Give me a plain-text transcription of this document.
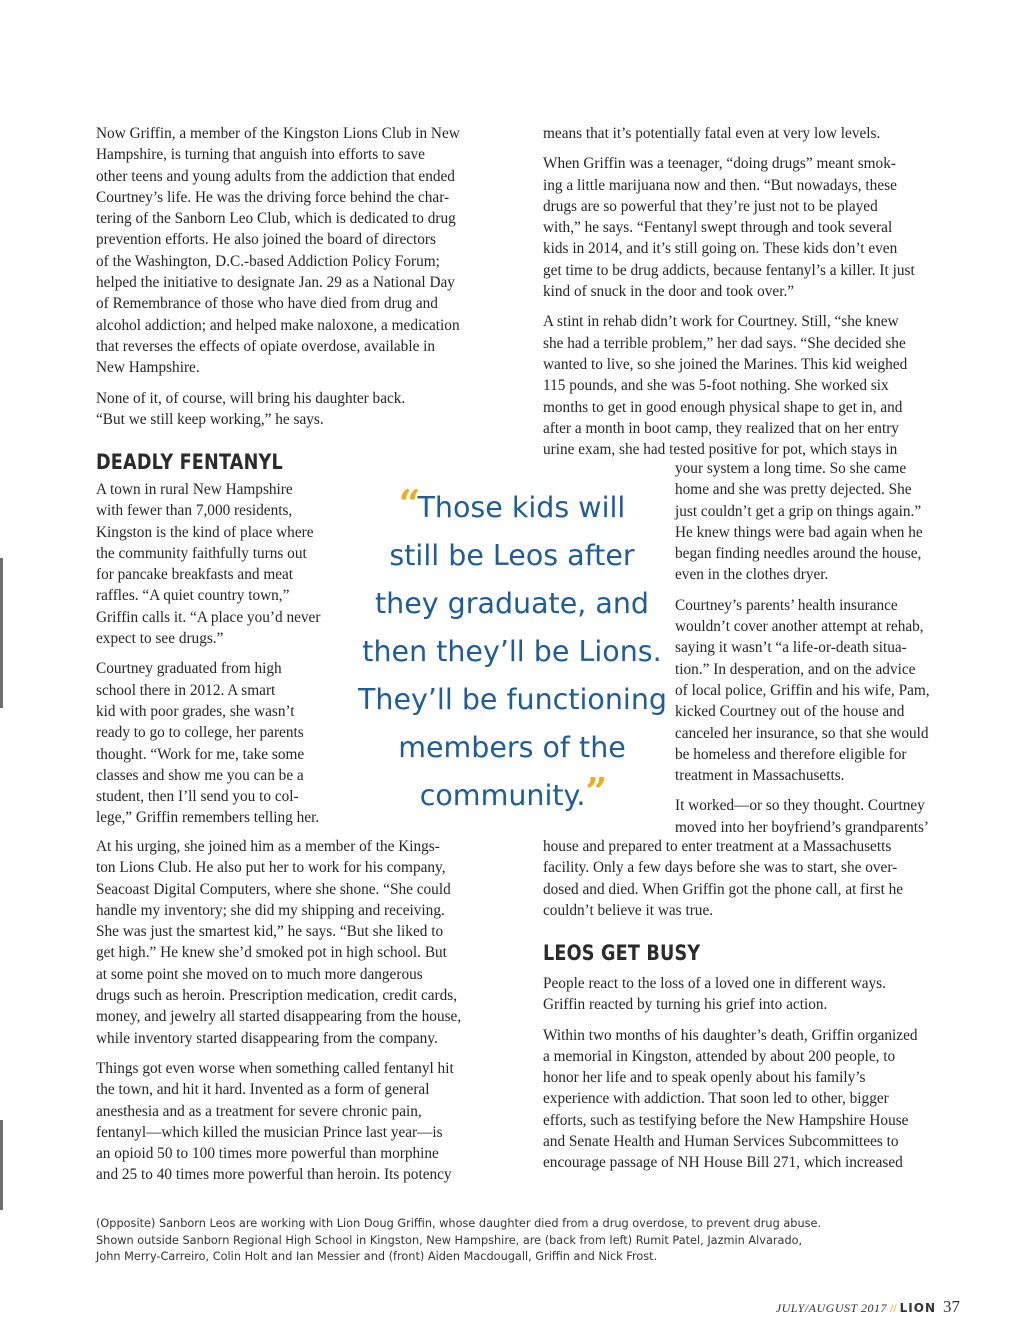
Now Griffin, a member of the Kingston Lions Club in New
Hampshire, is turning that anguish into efforts to save
other teens and young adults from the addiction that ended
Courtney’s life. He was the driving force behind the char-
tering of the Sanborn Leo Club, which is dedicated to drug
prevention efforts. He also joined the board of directors
of the Washington, D.C.-based Addiction Policy Forum;
helped the initiative to designate Jan. 29 as a National Day
of Remembrance of those who have died from drug and
alcohol addiction; and helped make naloxone, a medication
that reverses the effects of opiate overdose, available in
New Hampshire.

None of it, of course, will bring his daughter back.
“But we still keep working,” he says.

DEADLY FENTANYL

A town in rural New Hampshire
with fewer than 7,000 residents,
Kingston is the kind of place where
the community faithfully turns out
for pancake breakfasts and meat
raffles. “A quiet country town,”
Griffin calls it. “A place you’d never
expect to see drugs.”

Courtney graduated from high
school there in 2012. A smart
kid with poor grades, she wasn’t
ready to go to college, her parents
thought. “Work for me, take some
classes and show me you can be a
student, then I’ll send you to col-
lege,” Griffin remembers telling her.

At his urging, she joined him as a member of the Kings-
ton Lions Club. He also put her to work for his company,
Seacoast Digital Computers, where she shone. “She could
handle my inventory; she did my shipping and receiving.
She was just the smartest kid,” he says. “But she liked to
get high.” He knew she’d smoked pot in high school. But
at some point she moved on to much more dangerous
drugs such as heroin. Prescription medication, credit cards,
money, and jewelry all started disappearing from the house,
while inventory started disappearing from the company.

Things got even worse when something called fentanyl hit
the town, and hit it hard. Invented as a form of general
anesthesia and as a treatment for severe chronic pain,
fentanyl—which killed the musician Prince last year—is
an opioid 50 to 100 times more powerful than morphine
and 25 to 40 times more powerful than heroin. Its potency

“Those kids will
still be Leos after
they graduate, and
then they’ll be Lions.
They’ll be functioning
members of the
community.”

means that it’s potentially fatal even at very low levels.

When Griffin was a teenager, “doing drugs” meant smok-
ing a little marijuana now and then. “But nowadays, these
drugs are so powerful that they’re just not to be played
with,” he says. “Fentanyl swept through and took several
kids in 2014, and it’s still going on. These kids don’t even
get time to be drug addicts, because fentanyl’s a killer. It just
kind of snuck in the door and took over.”

A stint in rehab didn’t work for Courtney. Still, “she knew
she had a terrible problem,” her dad says. “She decided she
wanted to live, so she joined the Marines. This kid weighed
115 pounds, and she was 5-foot nothing. She worked six
months to get in good enough physical shape to get in, and
after a month in boot camp, they realized that on her entry
urine exam, she had tested positive for pot, which stays in

your system a long time. So she came
home and she was pretty dejected. She
just couldn’t get a grip on things again.”
He knew things were bad again when he
began finding needles around the house,
even in the clothes dryer.

Courtney’s parents’ health insurance
wouldn’t cover another attempt at rehab,
saying it wasn’t “a life-or-death situa-
tion.” In desperation, and on the advice
of local police, Griffin and his wife, Pam,
kicked Courtney out of the house and
canceled her insurance, so that she would
be homeless and therefore eligible for
treatment in Massachusetts.

It worked—or so they thought. Courtney
moved into her boyfriend’s grandparents’

house and prepared to enter treatment at a Massachusetts
facility. Only a few days before she was to start, she over-
dosed and died. When Griffin got the phone call, at first he
couldn’t believe it was true.

LEOS GET BUSY

People react to the loss of a loved one in different ways.
Griffin reacted by turning his grief into action.

Within two months of his daughter’s death, Griffin organized
a memorial in Kingston, attended by about 200 people, to
honor her life and to speak openly about his family’s
experience with addiction. That soon led to other, bigger
efforts, such as testifying before the New Hampshire House
and Senate Health and Human Services Subcommittees to
encourage passage of NH House Bill 271, which increased

(Opposite) Sanborn Leos are working with Lion Doug Griffin, whose daughter died from a drug overdose, to prevent drug abuse.
Shown outside Sanborn Regional High School in Kingston, New Hampshire, are (back from left) Rumit Patel, Jazmin Alvarado,
John Merry-Carreiro, Colin Holt and Ian Messier and (front) Aiden Macdougall, Griffin and Nick Frost.
JULY/AUGUST 2017 // LION 37
